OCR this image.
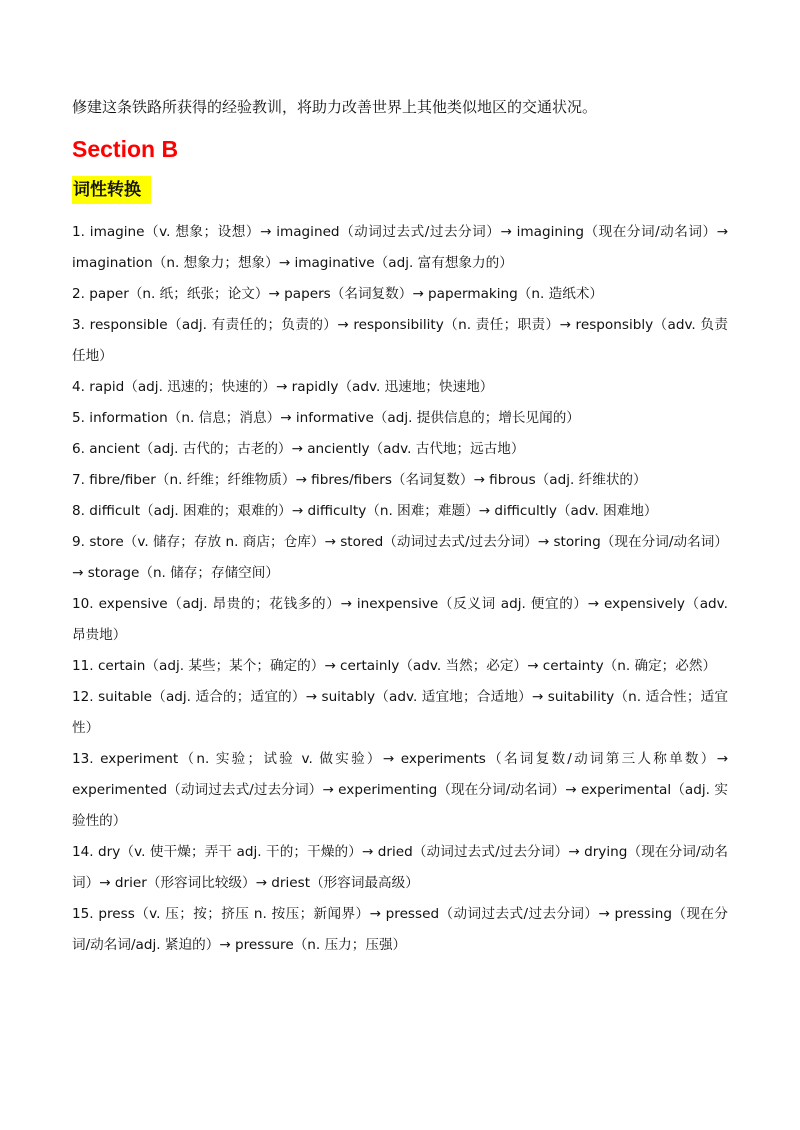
修建这条铁路所获得的经验教训，将助力改善世界上其他类似地区的交通状况。
Section B
词性转换

1. imagine（v. 想象；设想）→ imagined（动词过去式/过去分词）→ imagining（现在分词/动名词）→ imagination（n. 想象力；想象）→ imaginative（adj. 富有想象力的）

2. paper（n. 纸；纸张；论文）→ papers（名词复数）→ papermaking（n. 造纸术）

3. responsible（adj. 有责任的；负责的）→ responsibility（n. 责任；职责）→ responsibly（adv. 负责任地）

4. rapid（adj. 迅速的；快速的）→ rapidly（adv. 迅速地；快速地）

5. information（n. 信息；消息）→ informative（adj. 提供信息的；增长见闻的）

6. ancient（adj. 古代的；古老的）→ anciently（adv. 古代地；远古地）

7. fibre/fiber（n. 纤维；纤维物质）→ fibres/fibers（名词复数）→ fibrous（adj. 纤维状的）

8. difficult（adj. 困难的；艰难的）→ difficulty（n. 困难；难题）→ difficultly（adv. 困难地）

9. store（v. 储存；存放 n. 商店；仓库）→ stored（动词过去式/过去分词）→ storing（现在分词/动名词）→ storage（n. 储存；存储空间）

10. expensive（adj. 昂贵的；花钱多的）→ inexpensive（反义词 adj. 便宜的）→ expensively（adv. 昂贵地）

11. certain（adj. 某些；某个；确定的）→ certainly（adv. 当然；必定）→ certainty（n. 确定；必然）

12. suitable（adj. 适合的；适宜的）→ suitably（adv. 适宜地；合适地）→ suitability（n. 适合性；适宜性）

13. experiment（n. 实验；试验 v. 做实验）→ experiments（名词复数/动词第三人称单数）→ experimented（动词过去式/过去分词）→ experimenting（现在分词/动名词）→ experimental（adj. 实验性的）

14. dry（v. 使干燥；弄干 adj. 干的；干燥的）→ dried（动词过去式/过去分词）→ drying（现在分词/动名词）→ drier（形容词比较级）→ driest（形容词最高级）

15. press（v. 压；按；挤压 n. 按压；新闻界）→ pressed（动词过去式/过去分词）→ pressing（现在分词/动名词/adj. 紧迫的）→ pressure（n. 压力；压强）
